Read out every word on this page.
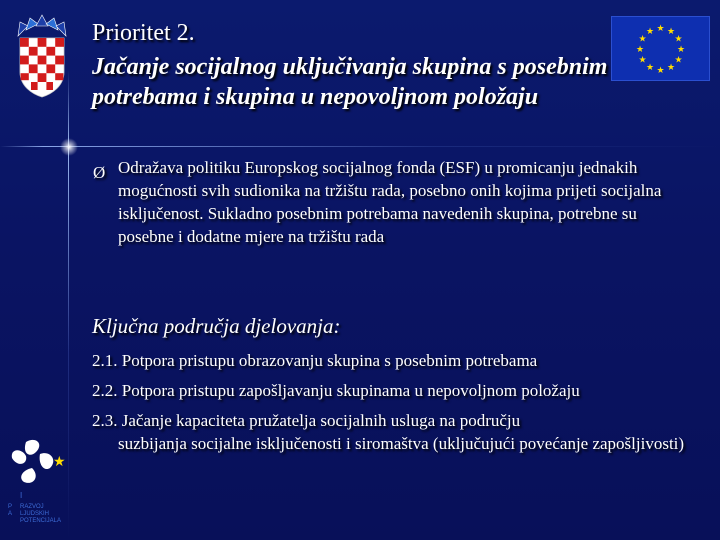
★ ★
★
★
★
★
★
★
★
★
★
★
Prioritet 2.
Jačanje socijalnog uključivanja skupina s posebnim potrebama i skupina u nepovoljnom položaju
Ø Odražava politiku Europskog socijalnog fonda (ESF) u promicanju jednakih mogućnosti svih sudionika na tržištu rada, posebno onih kojima prijeti socijalna isključenost. Sukladno posebnim potrebama navedenih skupina, potrebne su posebne i dodatne mjere na tržištu rada
Ključna područja djelovanja:
2.1. Potpora pristupu obrazovanju skupina s posebnim potrebama
2.2. Potpora pristupu zapošljavanju skupinama u nepovoljnom položaju
2.3. Jačanje kapaciteta pružatelja socijalnih usluga na području
suzbijanja socijalne isključenosti i siromaštva (uključujući povećanje zapošljivosti)
★
I
P
A
RAZVOJ
LJUDSKIH
POTENCIJALA
